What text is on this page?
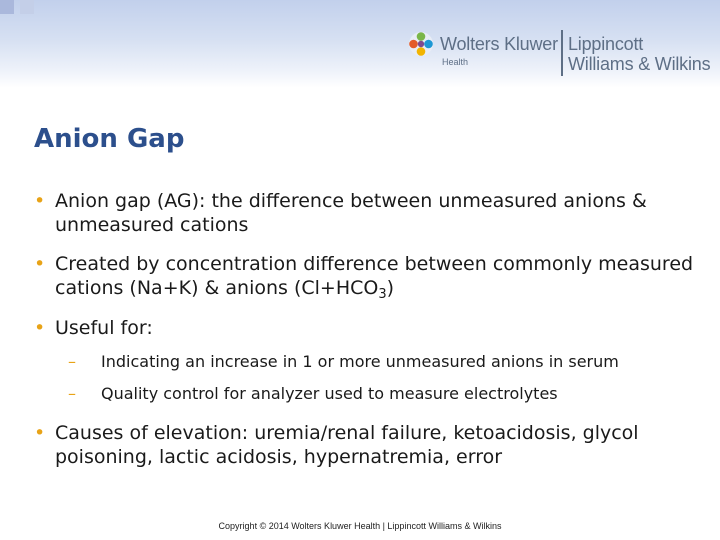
Wolters Kluwer
Health
Lippincott
Williams & Wilkins
Anion Gap
• Anion gap (AG): the difference between unmeasured anions & unmeasured cations
• Created by concentration difference between commonly measured cations (Na+K) & anions $(Cl+HCO_3)$
• Useful for:
– Indicating an increase in 1 or more unmeasured anions in serum
– Quality control for analyzer used to measure electrolytes
• Causes of elevation: uremia/renal failure, ketoacidosis, glycol poisoning, lactic acidosis, hypernatremia, error
Copyright © 2014 Wolters Kluwer Health | Lippincott Williams & Wilkins
